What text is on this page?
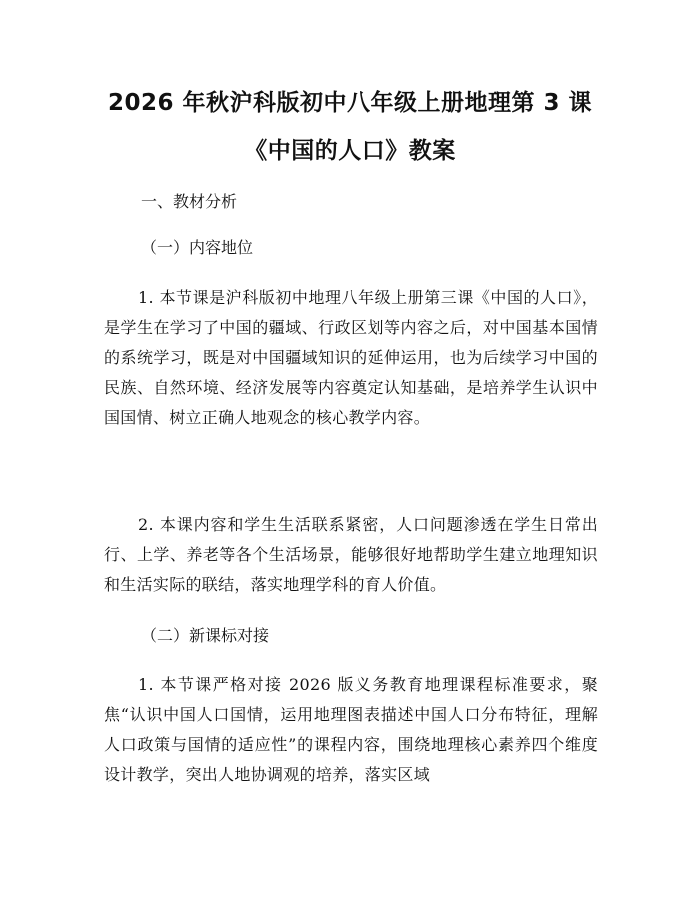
2026 年秋沪科版初中八年级上册地理第 3 课
《中国的人口》教案
一、教材分析
（一）内容地位
1. 本节课是沪科版初中地理八年级上册第三课《中国的人口》，是学生在学习了中国的疆域、行政区划等内容之后，对中国基本国情的系统学习，既是对中国疆域知识的延伸运用，也为后续学习中国的民族、自然环境、经济发展等内容奠定认知基础，是培养学生认识中国国情、树立正确人地观念的核心教学内容。
2. 本课内容和学生生活联系紧密，人口问题渗透在学生日常出行、上学、养老等各个生活场景，能够很好地帮助学生建立地理知识和生活实际的联结，落实地理学科的育人价值。
（二）新课标对接
1. 本节课严格对接 2026 版义务教育地理课程标准要求，聚焦“认识中国人口国情，运用地理图表描述中国人口分布特征，理解人口政策与国情的适应性”的课程内容，围绕地理核心素养四个维度设计教学，突出人地协调观的培养，落实区域
